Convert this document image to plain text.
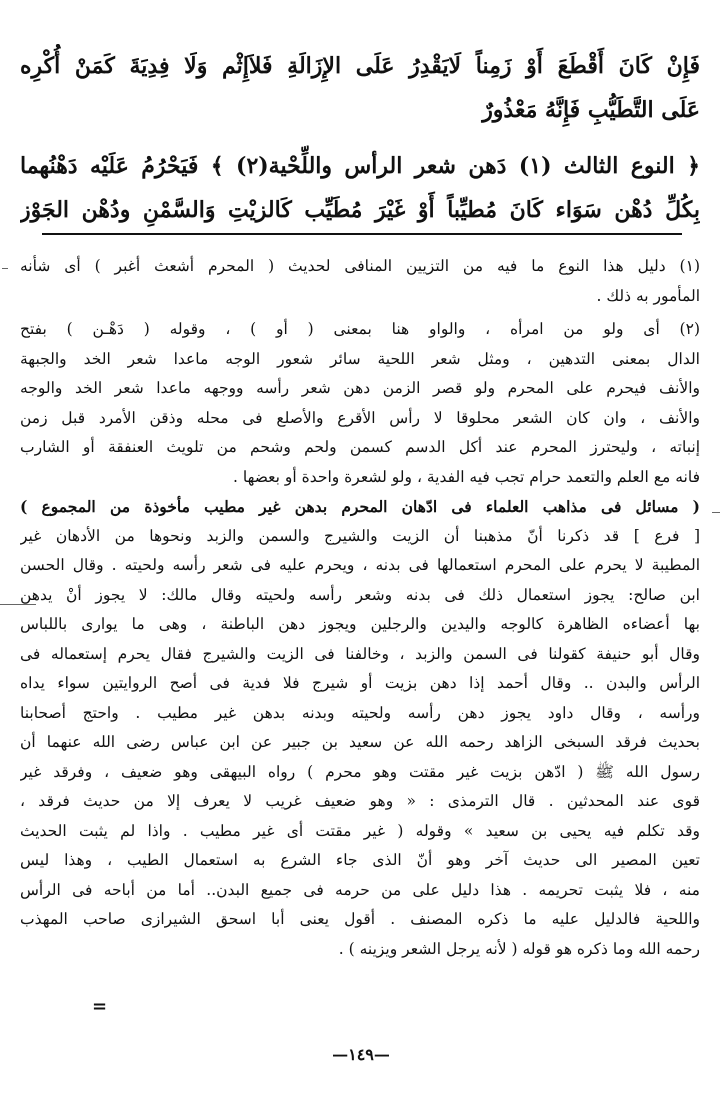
فَإِنْ كَانَ أَقْطَعَ أَوْ زَمِناً لَايَقْدِرُ عَلَى الإِزَالَةِ فَلاَإِثْم وَلَا فِدِيَةَ كَمَنْ أُكْرِه
عَلَى التَّطَيُّبِ فَإِنَّهُ مَعْذُورٌ
﴿ النوع الثالث (١) دَهن شعر الرأس واللِّحْية(٢) ﴾ فَيَحْرُمُ عَلَيْه دَهْنُهما
بِكُلِّ دُهْن سَوَاء كَانَ مُطيِّباً أَوْ غَيْرَ مُطَيِّب كَالزيْتِ وَالسَّمْنِ ودُهْن الجَوْز
(١) دليل هذا النوع ما فيه من التزيين المنافى لحديث ( المحرم أشعث أغبر ) أى شأنه
المأمور به ذلك .
(٢) أى ولو من امرأه ، والواو هنا بمعنى ( أو ) ، وقوله ( دَهْـن ) بفتح
الدال بمعنى التدهين ، ومثل شعر اللحية سائر شعور الوجه ماعدا شعر الخد والجبهة
والأنف فيحرم على المحرم ولو قصر الزمن دهن شعر رأسه ووجهه ماعدا شعر الخد والوجه
والأنف ، وان كان الشعر محلوقا لا رأس الأقرع والأصلع فى محله وذقن الأمرد قبل زمن
إنباته ، وليحترز المحرم عند أكل الدسم كسمن ولحم وشحم من تلويث العنفقة أو الشارب
فانه مع العلم والتعمد حرام تجب فيه الفدية ، ولو لشعرة واحدة أو بعضها .
( مسائل فى مذاهب العلماء فى ادّهان المحرم بدهن غير مطيب مأخوذة من المجموع )
[ فرع ] قد ذكرنا أنّ مذهبنا أن الزيت والشيرج والسمن والزبد ونحوها من الأدهان غير
المطيبة لا يحرم على المحرم استعمالها فى بدنه ، ويحرم عليه فى شعر رأسه ولحيته . وقال الحسن
ابن صالح: يجوز استعمال ذلك فى بدنه وشعر رأسه ولحيته وقال مالك: لا يجوز أنْ يدهن
بها أعضاءه الظاهرة كالوجه واليدين والرجلين ويجوز دهن الباطنة ، وهى ما يوارى باللباس
وقال أبو حنيفة كقولنا فى السمن والزبد ، وخالفنا فى الزيت والشيرج فقال يحرم إستعماله فى
الرأس والبدن .. وقال أحمد إذا دهن بزيت أو شيرج فلا فدية فى أصح الروايتين سواء يداه
ورأسه ، وقال داود يجوز دهن رأسه ولحيته وبدنه بدهن غير مطيب . واحتج أصحابنا
بحديث فرقد السبخى الزاهد رحمه الله عن سعيد بن جبير عن ابن عباس رضى الله عنهما أن
رسول الله ﷺ ( ادّهن بزيت غير مقتت وهو محرم ) رواه البيهقى وهو ضعيف ، وفرقد غير
قوى عند المحدثين . قال الترمذى : « وهو ضعيف غريب لا يعرف إلا من حديث فرقد ،
وقد تكلم فيه يحيى بن سعيد » وقوله ( غير مقتت أى غير مطيب . واذا لم يثبت الحديث
تعين المصير الى حديث آخر وهو أنّ الذى جاء الشرع به استعمال الطيب ، وهذا ليس
منه ، فلا يثبت تحريمه . هذا دليل على من حرمه فى جميع البدن.. أما من أباحه فى الرأس
واللحية فالدليل عليه ما ذكره المصنف . أقول يعنى أبا اسحق الشيرازى صاحب المهذب
رحمه الله وما ذكره هو قوله ( لأنه يرجل الشعر ويزينه ) .
=
—١٤٩—
